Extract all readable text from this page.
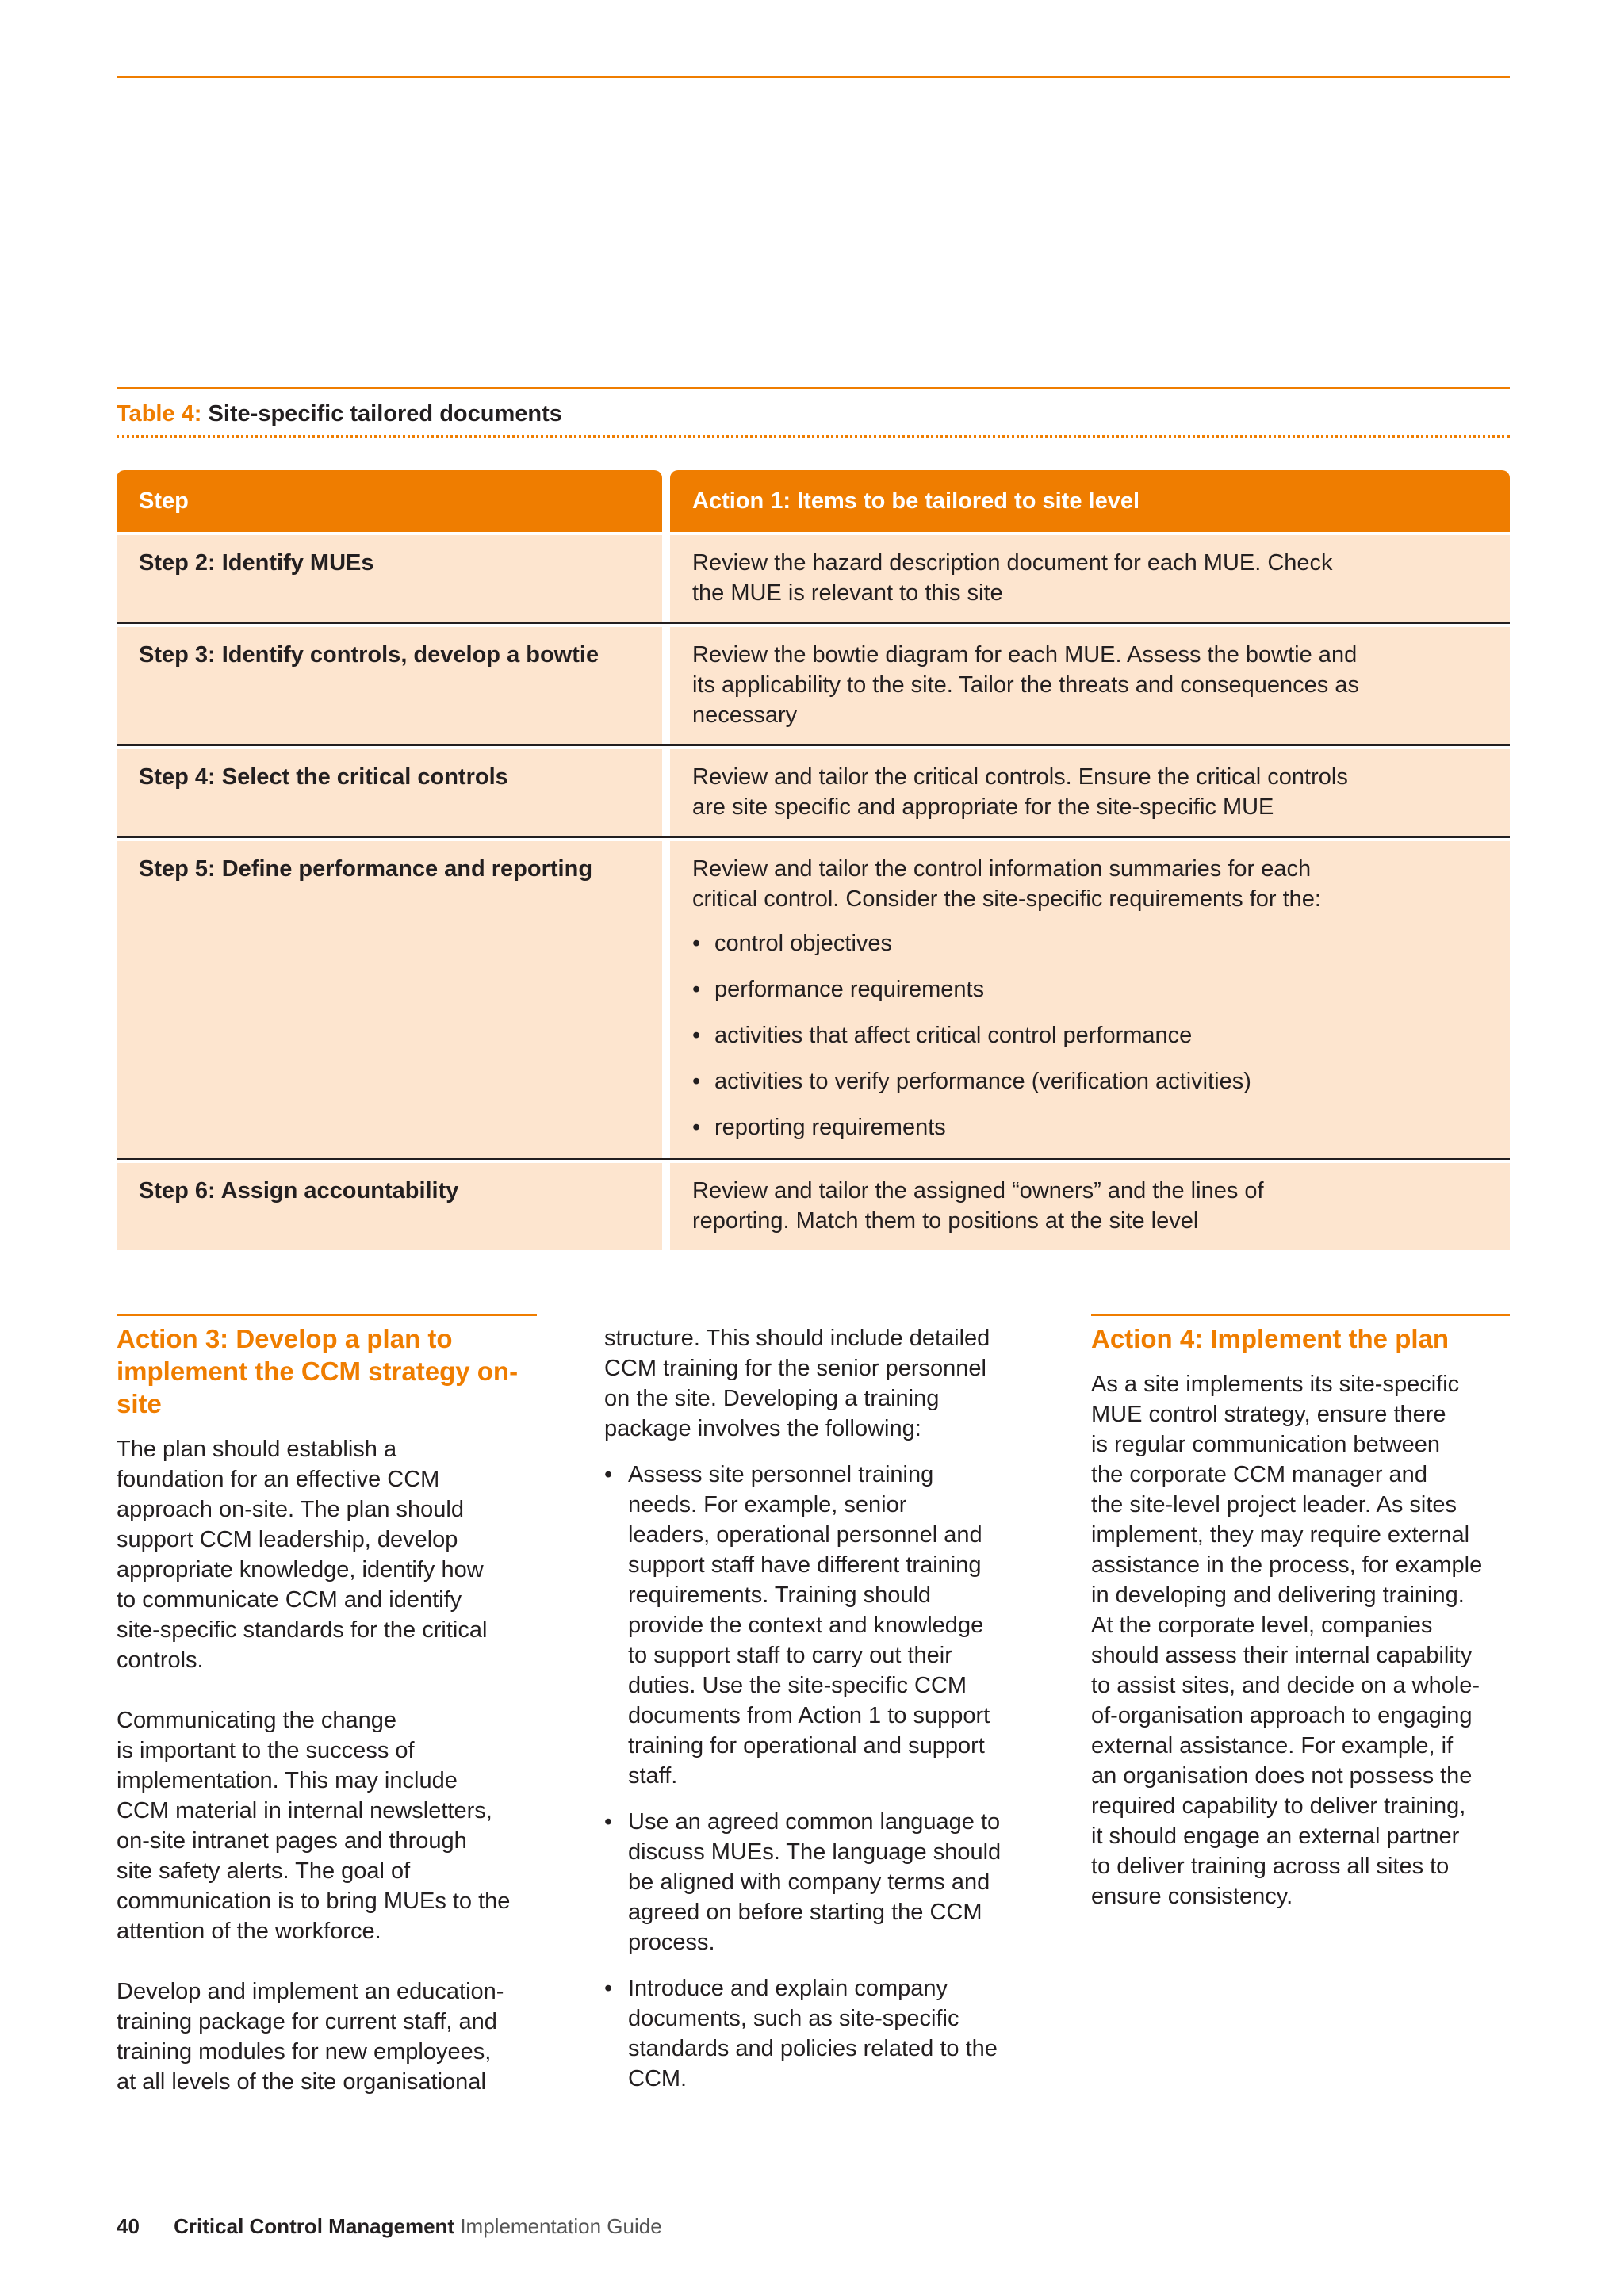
Table 4: Site-specific tailored documents
Step	Action 1: Items to be tailored to site level
Step 2: Identify MUEs	Review the hazard description document for each MUE. Check
the MUE is relevant to this site
Step 3: Identify controls, develop a bowtie	Review the bowtie diagram for each MUE. Assess the bowtie and
its applicability to the site. Tailor the threats and consequences as
necessary
Step 4: Select the critical controls	Review and tailor the critical controls. Ensure the critical controls
are site specific and appropriate for the site-specific MUE
Step 5: Define performance and reporting	Review and tailor the control information summaries for each
critical control. Consider the site-specific requirements for the:
• control objectives
• performance requirements
• activities that affect critical control performance
• activities to verify performance (verification activities)
• reporting requirements
Step 6: Assign accountability	Review and tailor the assigned “owners” and the lines of
reporting. Match them to positions at the site level
Action 3: Develop a plan to
implement the CCM strategy on-
site

The plan should establish a
foundation for an effective CCM
approach on-site. The plan should
support CCM leadership, develop
appropriate knowledge, identify how
to communicate CCM and identify
site-specific standards for the critical
controls.

Communicating the change
is important to the success of
implementation. This may include
CCM material in internal newsletters,
on-site intranet pages and through
site safety alerts. The goal of
communication is to bring MUEs to the
attention of the workforce.

Develop and implement an education-
training package for current staff, and
training modules for new employees,
at all levels of the site organisational

structure. This should include detailed
CCM training for the senior personnel
on the site. Developing a training
package involves the following:

• Assess site personnel training
needs. For example, senior
leaders, operational personnel and
support staff have different training
requirements. Training should
provide the context and knowledge
to support staff to carry out their
duties. Use the site-specific CCM
documents from Action 1 to support
training for operational and support
staff.
• Use an agreed common language to
discuss MUEs. The language should
be aligned with company terms and
agreed on before starting the CCM
process.
• Introduce and explain company
documents, such as site-specific
standards and policies related to the
CCM.
Action 4: Implement the plan

As a site implements its site-specific
MUE control strategy, ensure there
is regular communication between
the corporate CCM manager and
the site-level project leader. As sites
implement, they may require external
assistance in the process, for example
in developing and delivering training.
At the corporate level, companies
should assess their internal capability
to assist sites, and decide on a whole-
of-organisation approach to engaging
external assistance. For example, if
an organisation does not possess the
required capability to deliver training,
it should engage an external partner
to deliver training across all sites to
ensure consistency.

40 Critical Control Management Implementation Guide
